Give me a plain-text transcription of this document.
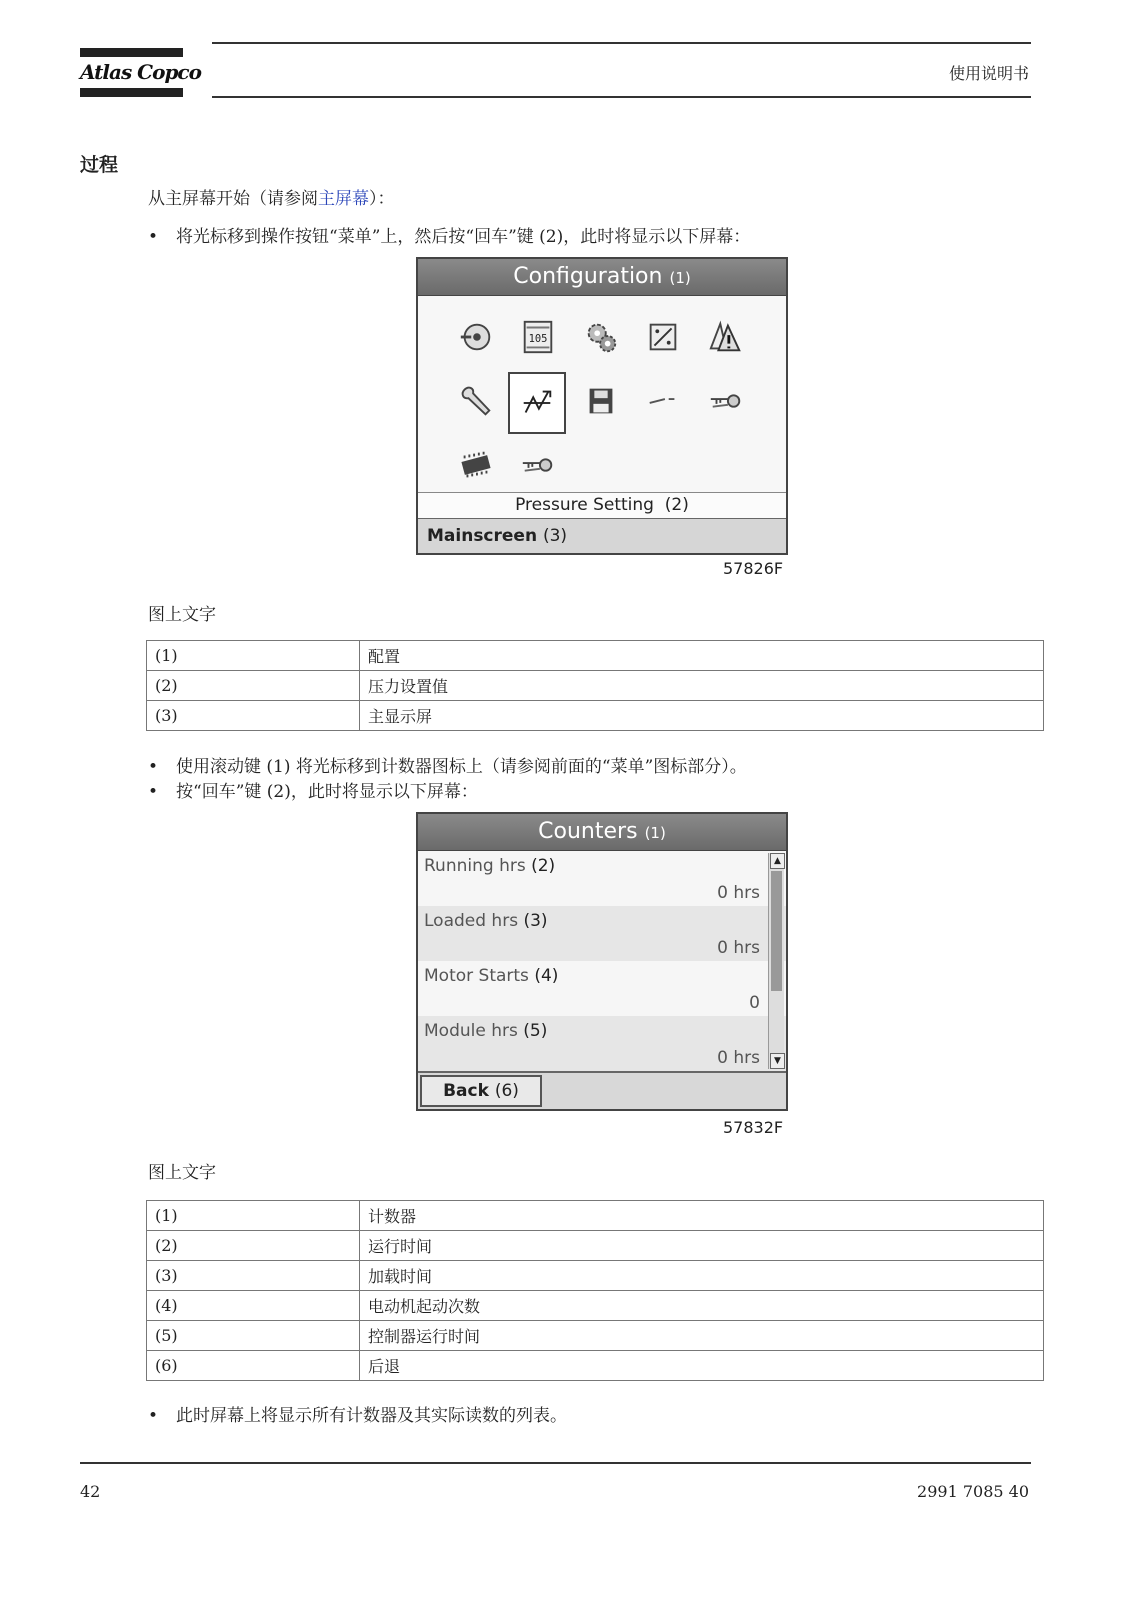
Atlas Copco	使用说明书
过程
从主屏幕开始（请参阅主屏幕）：
• 将光标移到操作按钮“菜单”上，然后按“回车”键 (2)，此时将显示以下屏幕：
Configuration (1)
105
Pressure Setting (2)
Mainscreen (3)
57826F
图上文字
(1)	配置
(2)	压力设置值
(3)	主显示屏
• 使用滚动键 (1) 将光标移到计数器图标上（请参阅前面的“菜单”图标部分）。
• 按“回车”键 (2)，此时将显示以下屏幕：
Counters (1)
Running hrs (2)
0 hrs
Loaded hrs (3)
0 hrs
Motor Starts (4)
0
Module hrs (5)
0 hrs
▲
▼
Back (6)
57832F
图上文字
(1)	计数器
(2)	运行时间
(3)	加载时间
(4)	电动机起动次数
(5)	控制器运行时间
(6)	后退
• 此时屏幕上将显示所有计数器及其实际读数的列表。
42	2991 7085 40
